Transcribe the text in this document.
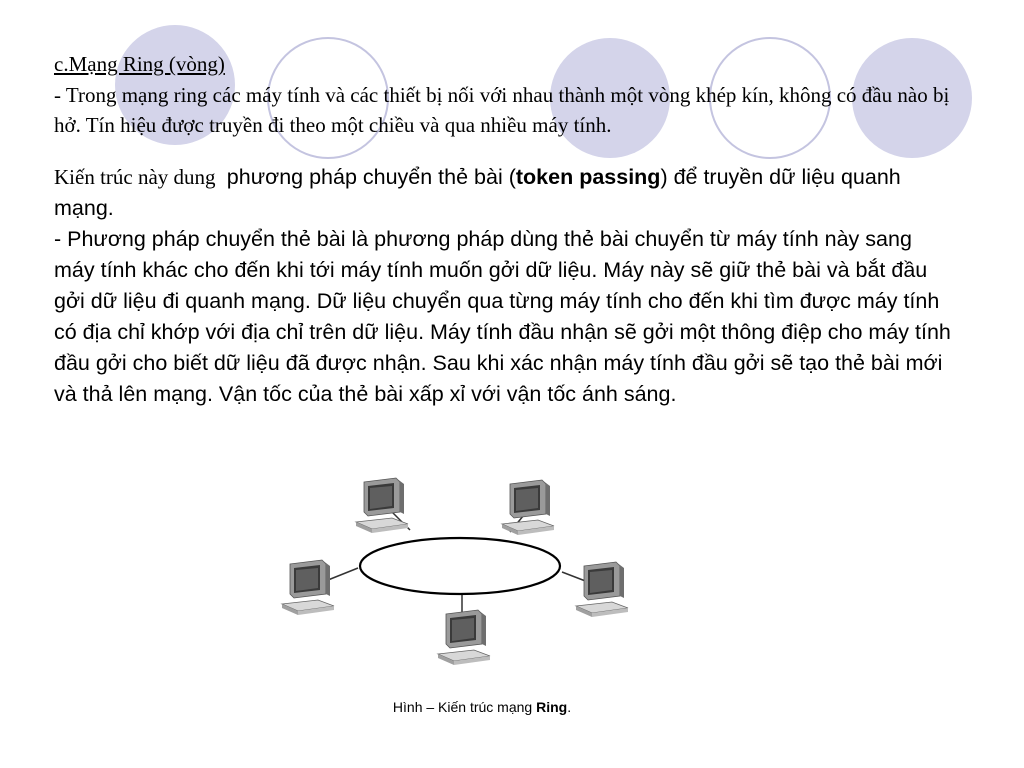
c.Mạng Ring (vòng)
- Trong mạng ring các máy tính và các thiết bị nối với nhau thành một vòng khép kín, không có đầu nào bị hở. Tín hiệu được truyền đi theo một chiều và qua nhiều máy tính.
Kiến trúc này dung phương pháp chuyển thẻ bài (token passing) để truyền dữ liệu quanh mạng.
- Phương pháp chuyển thẻ bài là phương pháp dùng thẻ bài chuyển từ máy tính này sang máy tính khác cho đến khi tới máy tính muốn gởi dữ liệu. Máy này sẽ giữ thẻ bài và bắt đầu gởi dữ liệu đi quanh mạng. Dữ liệu chuyển qua từng máy tính cho đến khi tìm được máy tính có địa chỉ khớp với địa chỉ trên dữ liệu. Máy tính đầu nhận sẽ gởi một thông điệp cho máy tính đầu gởi cho biết dữ liệu đã được nhận. Sau khi xác nhận máy tính đầu gởi sẽ tạo thẻ bài mới và thả lên mạng. Vận tốc của thẻ bài xấp xỉ với vận tốc ánh sáng.
Hình – Kiến trúc mạng Ring.
